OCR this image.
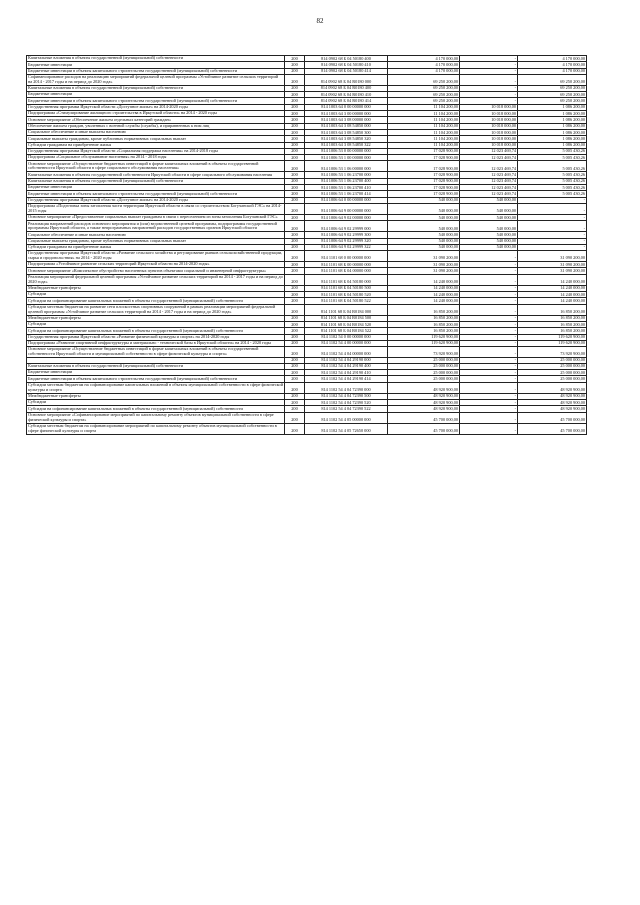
82
Капитальные вложения в объекты государственной (муниципальной) собственности	200	814 0902 68 Б 04 50180 400	4 170 000,00	-	4 170 000,00
Бюджетные инвестиции	200	814 0902 68 Б 04 50180 410	4 170 000,00	-	4 170 000,00
Бюджетные инвестиции в объекты капитального строительства государственной (муниципальной) собственности	200	814 0902 68 Б 04 50180 414	4 170 000,00	-	4 170 000,00
Софинансирование расходов на реализацию мероприятий федеральной целевой программы «Устойчивое развитие сельских территорий на 2014 - 2017 годы и на период до 2020 года»	200	814 0902 68 Б 04 R0180 000	69 250 200,00	-	69 250 200,00
Капитальные вложения в объекты государственной (муниципальной) собственности	200	814 0902 68 Б 04 R0180 400	69 250 200,00	-	69 250 200,00
Бюджетные инвестиции	200	814 0902 68 Б 04 R0180 410	69 250 200,00	-	69 250 200,00
Бюджетные инвестиции в объекты капитального строительства государственной (муниципальной) собственности	200	814 0902 68 Б 04 R0180 414	69 250 200,00	-	69 250 200,00
Государственная программа Иркутской области «Доступное жилье» на 2014-2020 годы	200	814 1003 64 0 00 00000 000	11 104 200,00	10 018 000,00	1 086 200,00
Подпрограмма «Стимулирование жилищного строительства в Иркутской области» на 2014 - 2020 годы	200	814 1003 64 3 00 00000 000	11 104 200,00	10 018 000,00	1 086 200,00
Основное мероприятие «Обеспечение жильем отдельных категорий граждан»	200	814 1003 64 3 08 00000 000	11 104 200,00	10 018 000,00	1 086 200,00
Обеспечение жильем граждан, уволенных с военной службы (службы), и приравненных к ним лиц	200	814 1003 64 3 08 54850 000	11 104 200,00	10 018 000,00	1 086 200,00
Социальное обеспечение и иные выплаты населению	200	814 1003 64 3 08 54850 300	11 104 200,00	10 018 000,00	1 086 200,00
Социальные выплаты гражданам, кроме публичных нормативных социальных выплат	200	814 1003 64 3 08 54850 320	11 104 200,00	10 018 000,00	1 086 200,00
Субсидии гражданам на приобретение жилья	200	814 1003 64 3 08 54850 322	11 104 200,00	10 018 000,00	1 086 200,00
Государственная программа Иркутской области «Социальная поддержка населения» на 2014-2018 годы	200	814 1006 53 0 00 00000 000	17 028 900,00	12 023 469,74	5 005 430,26
Подпрограмма «Социальное обслуживание населения» на 2014 - 2018 годы	200	814 1006 53 1 00 00000 000	17 028 900,00	12 023 469,74	5 005 430,26
Основное мероприятие «Осуществление бюджетных инвестиций в форме капитальных вложений в объекты государственной собственности Иркутской области в сфере социального обслуживания населения»	200	814 1006 53 1 06 00000 000	17 028 900,00	12 023 469,74	5 005 430,26
Капитальные вложения в объекты государственной собственности Иркутской области в сфере социального обслуживания населения	200	814 1006 53 1 06 23700 000	17 028 900,00	12 023 469,74	5 005 430,26
Капитальные вложения в объекты государственной (муниципальной) собственности	200	814 1006 53 1 06 23700 400	17 028 900,00	12 023 469,74	5 005 430,26
Бюджетные инвестиции	200	814 1006 53 1 06 23700 410	17 028 900,00	12 023 469,74	5 005 430,26
Бюджетные инвестиции в объекты капитального строительства государственной (муниципальной) собственности	200	814 1006 53 1 06 23700 414	17 028 900,00	12 023 469,74	5 005 430,26
Государственная программа Иркутской области «Доступное жилье» на 2014-2020 годы	200	814 1006 64 0 00 00000 000	540 000,00	540 000,00	-
Подпрограмма «Подготовка зоны затопления части территории Иркутской области в связи со строительством Богучанской ГЭС» на 2014-2015 годы	200	814 1006 64 9 00 00000 000	540 000,00	540 000,00	-
Основное мероприятие «Предоставление социальных выплат гражданам в связи с переселением из зоны затопления Богучанской ГЭС»	200	814 1006 64 9 02 00000 000	540 000,00	540 000,00	-
Реализация направлений расходов основного мероприятия и (или) ведомственной целевой программы, подпрограммы государственной программы Иркутской области, а также непрограммных направлений расходов государственных органов Иркутской области	200	814 1006 64 9 02 29999 000	540 000,00	540 000,00	-
Социальное обеспечение и иные выплаты населению	200	814 1006 64 9 02 29999 300	540 000,00	540 000,00	-
Социальные выплаты гражданам, кроме публичных нормативных социальных выплат	200	814 1006 64 9 02 29999 320	540 000,00	540 000,00	-
Субсидии гражданам на приобретение жилья	200	814 1006 64 9 02 29999 322	540 000,00	540 000,00	-
Государственная программа Иркутской области «Развитие сельского хозяйства и регулирование рынков сельскохозяйственной продукции, сырья и продовольствия» на 2014 - 2020 годы	200	814 1101 68 0 00 00000 000	31 090 200,00	-	31 090 200,00
Подпрограмма «Устойчивое развитие сельских территорий Иркутской области на 2014-2020 годы»	200	814 1101 68 Б 00 00000 000	31 090 200,00	-	31 090 200,00
Основное мероприятие «Комплексное обустройство населенных пунктов объектами социальной и инженерной инфраструктуры»	200	814 1101 68 Б 04 00000 000	31 090 200,00	-	31 090 200,00
Реализация мероприятий федеральной целевой программы «Устойчивое развитие сельских территорий на 2014 - 2017 годы и на период до 2020 года»	200	814 1101 68 Б 04 50180 000	14 240 000,00	-	14 240 000,00
Межбюджетные трансферты	200	814 1101 68 Б 04 50180 500	14 240 000,00	-	14 240 000,00
Субсидии	200	814 1101 68 Б 04 50180 520	14 240 000,00	-	14 240 000,00
Субсидии на софинансирование капитальных вложений в объекты государственной (муниципальной) собственности	200	814 1101 68 Б 04 50180 522	14 240 000,00	-	14 240 000,00
Субсидии местным бюджетам на развитие сети плоскостных спортивных сооружений в рамках реализации мероприятий федеральной целевой программы «Устойчивое развитие сельских территорий на 2014 - 2017 годы и на период до 2020 года»	200	814 1101 68 Б 04 R0184 000	16 850 200,00	-	16 850 200,00
Межбюджетные трансферты	200	814 1101 68 Б 04 R0184 500	16 850 200,00	-	16 850 200,00
Субсидии	200	814 1101 68 Б 04 R0184 520	16 850 200,00	-	16 850 200,00
Субсидии на софинансирование капитальных вложений в объекты государственной (муниципальной) собственности	200	814 1101 68 Б 04 R0184 522	16 850 200,00	-	16 850 200,00
Государственная программа Иркутской области «Развитие физической культуры и спорта» на 2014-2020 годы	200	814 1102 54 0 00 00000 000	119 620 900,00	-	119 620 900,00
Подпрограмма «Развитие спортивной инфраструктуры и материально - технической базы в Иркутской области» на 2014 - 2020 годы	200	814 1102 54 4 00 00000 000	119 620 900,00	-	119 620 900,00
Основное мероприятие «Осуществление бюджетных инвестиций в форме капитальных вложений в объекты государственной собственности Иркутской области и муниципальной собственности в сфере физической культуры и спорта»	200	814 1102 54 4 04 00000 000	73 920 900,00	-	73 920 900,00
	200	814 1102 54 4 04 29190 000	25 000 000,00	-	25 000 000,00
Капитальные вложения в объекты государственной (муниципальной) собственности	200	814 1102 54 4 04 29190 400	25 000 000,00	-	25 000 000,00
Бюджетные инвестиции	200	814 1102 54 4 04 29190 410	25 000 000,00	-	25 000 000,00
Бюджетные инвестиции в объекты капитального строительства государственной (муниципальной) собственности	200	814 1102 54 4 04 29190 414	25 000 000,00	-	25 000 000,00
Субсидии местным бюджетам на софинансирование капитальных вложений в объекты муниципальной собственности в сфере физической культуры и спорта	200	814 1102 54 4 04 72390 000	48 920 900,00	-	48 920 900,00
Межбюджетные трансферты	200	814 1102 54 4 04 72390 500	48 920 900,00	-	48 920 900,00
Субсидии	200	814 1102 54 4 04 72390 520	48 920 900,00	-	48 920 900,00
Субсидии на софинансирование капитальных вложений в объекты государственной (муниципальной) собственности	200	814 1102 54 4 04 72390 522	48 920 900,00	-	48 920 900,00
Основное мероприятие «Софинансирование мероприятий по капитальному ремонту объектов муниципальной собственности в сфере физической культуры и спорта»	200	814 1102 54 4 05 00000 000	45 700 000,00	-	45 700 000,00
Субсидии местным бюджетам на софинансирование мероприятий по капитальному ремонту объектов муниципальной собственности в сфере физической культуры и спорта	200	814 1102 54 4 05 72650 000	45 700 000,00	-	45 700 000,00
